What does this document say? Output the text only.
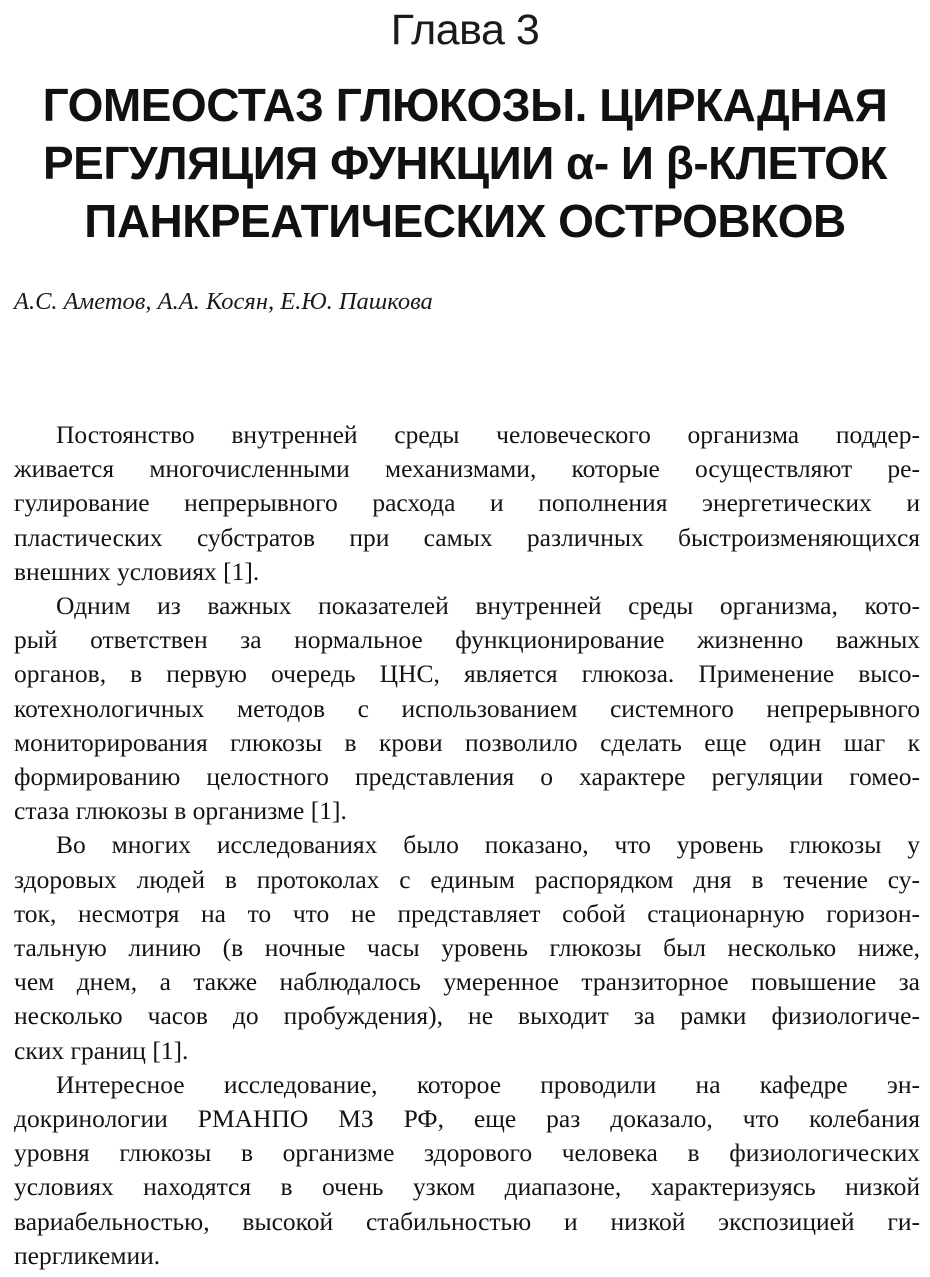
Глава 3
ГОМЕОСТАЗ ГЛЮКОЗЫ. ЦИРКАДНАЯ
РЕГУЛЯЦИЯ ФУНКЦИИ α- И β-КЛЕТОК
ПАНКРЕАТИЧЕСКИХ ОСТРОВКОВ
А.С. Аметов, А.А. Косян, Е.Ю. Пашкова

Постоянство внутренней среды человеческого организма поддер-
живается многочисленными механизмами, которые осуществляют ре-
гулирование непрерывного расхода и пополнения энергетических и
пластических субстратов при самых различных быстроизменяющихся
внешних условиях [1].

Одним из важных показателей внутренней среды организма, кото-
рый ответствен за нормальное функционирование жизненно важных
органов, в первую очередь ЦНС, является глюкоза. Применение высо-
котехнологичных методов с использованием системного непрерывного
мониторирования глюкозы в крови позволило сделать еще один шаг к
формированию целостного представления о характере регуляции гомео-
стаза глюкозы в организме [1].

Во многих исследованиях было показано, что уровень глюкозы у
здоровых людей в протоколах с единым распорядком дня в течение су-
ток, несмотря на то что не представляет собой стационарную горизон-
тальную линию (в ночные часы уровень глюкозы был несколько ниже,
чем днем, а также наблюдалось умеренное транзиторное повышение за
несколько часов до пробуждения), не выходит за рамки физиологиче-
ских границ [1].

Интересное исследование, которое проводили на кафедре эн-
докринологии РМАНПО МЗ РФ, еще раз доказало, что колебания
уровня глюкозы в организме здорового человека в физиологических
условиях находятся в очень узком диапазоне, характеризуясь низкой
вариабельностью, высокой стабильностью и низкой экспозицией ги-
пергликемии.
